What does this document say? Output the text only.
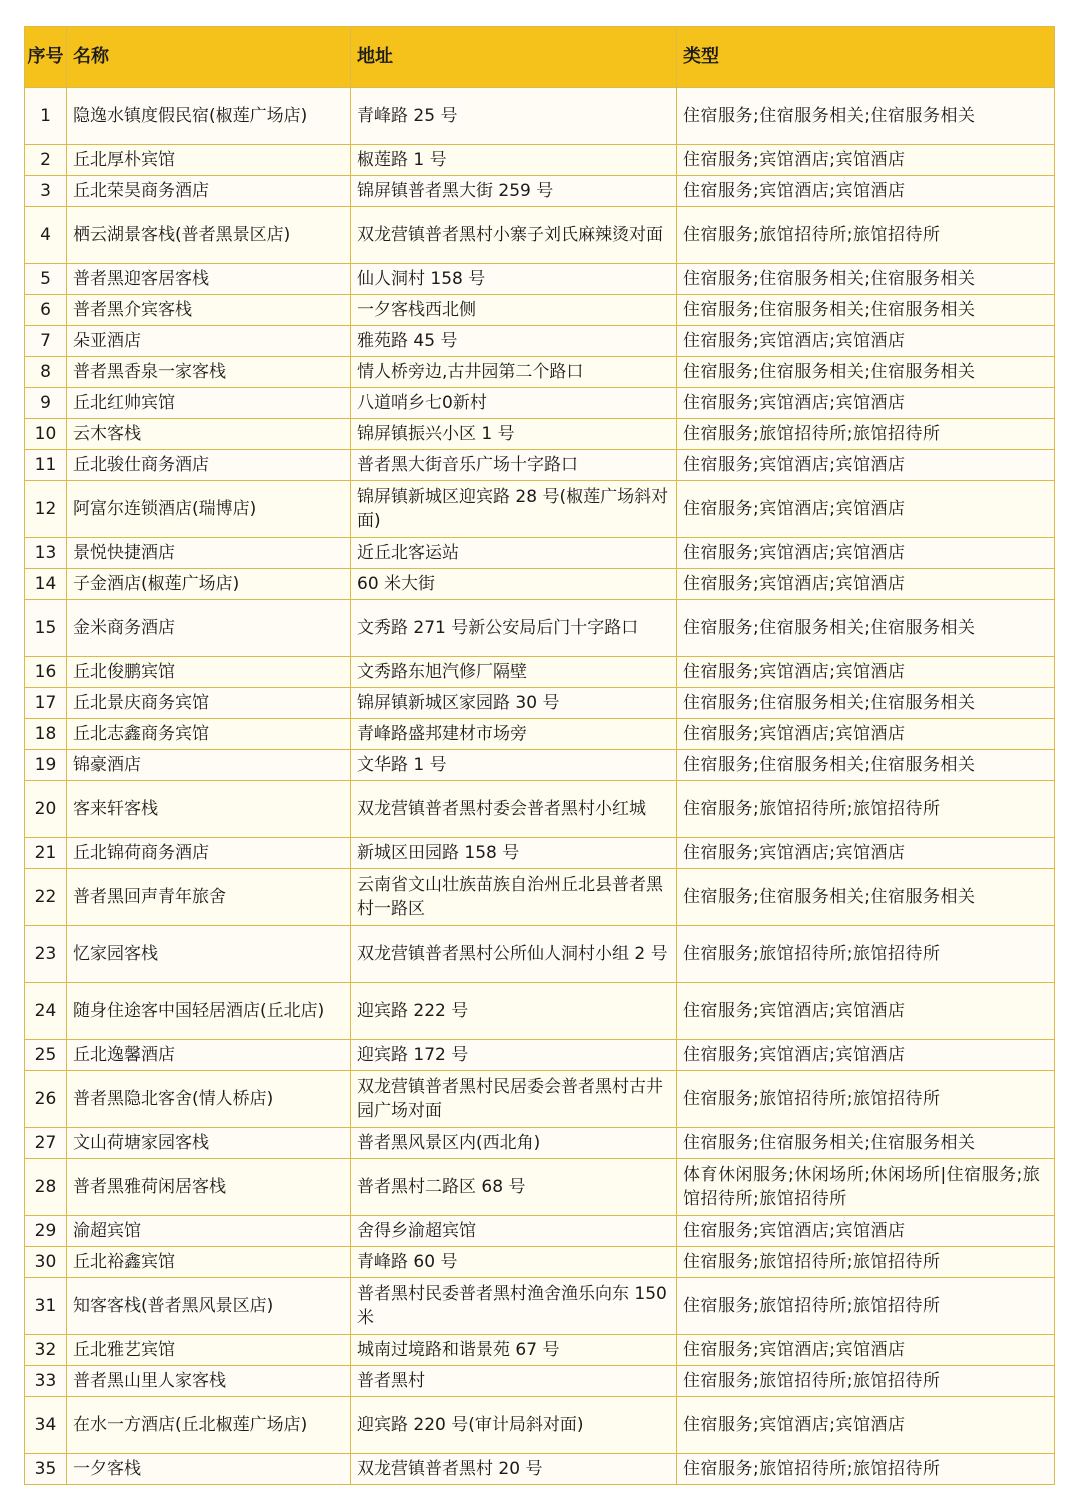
序号	名称	地址	类型
1	隐逸水镇度假民宿(椒莲广场店)	青峰路 25 号	住宿服务;住宿服务相关;住宿服务相关
2	丘北厚朴宾馆	椒莲路 1 号	住宿服务;宾馆酒店;宾馆酒店
3	丘北荣昊商务酒店	锦屏镇普者黑大街 259 号	住宿服务;宾馆酒店;宾馆酒店
4	栖云湖景客栈(普者黑景区店)	双龙营镇普者黑村小寨子刘氏麻辣烫对面	住宿服务;旅馆招待所;旅馆招待所
5	普者黑迎客居客栈	仙人洞村 158 号	住宿服务;住宿服务相关;住宿服务相关
6	普者黑介宾客栈	一夕客栈西北侧	住宿服务;住宿服务相关;住宿服务相关
7	朵亚酒店	雅苑路 45 号	住宿服务;宾馆酒店;宾馆酒店
8	普者黑香泉一家客栈	情人桥旁边,古井园第二个路口	住宿服务;住宿服务相关;住宿服务相关
9	丘北红帅宾馆	八道哨乡七0新村	住宿服务;宾馆酒店;宾馆酒店
10	云木客栈	锦屏镇振兴小区 1 号	住宿服务;旅馆招待所;旅馆招待所
11	丘北骏仕商务酒店	普者黑大街音乐广场十字路口	住宿服务;宾馆酒店;宾馆酒店
12	阿富尔连锁酒店(瑞博店)	锦屏镇新城区迎宾路 28 号(椒莲广场斜对面)	住宿服务;宾馆酒店;宾馆酒店
13	景悦快捷酒店	近丘北客运站	住宿服务;宾馆酒店;宾馆酒店
14	子金酒店(椒莲广场店)	60 米大街	住宿服务;宾馆酒店;宾馆酒店
15	金米商务酒店	文秀路 271 号新公安局后门十字路口	住宿服务;住宿服务相关;住宿服务相关
16	丘北俊鹏宾馆	文秀路东旭汽修厂隔壁	住宿服务;宾馆酒店;宾馆酒店
17	丘北景庆商务宾馆	锦屏镇新城区家园路 30 号	住宿服务;住宿服务相关;住宿服务相关
18	丘北志鑫商务宾馆	青峰路盛邦建材市场旁	住宿服务;宾馆酒店;宾馆酒店
19	锦豪酒店	文华路 1 号	住宿服务;住宿服务相关;住宿服务相关
20	客来轩客栈	双龙营镇普者黑村委会普者黑村小红城	住宿服务;旅馆招待所;旅馆招待所
21	丘北锦荷商务酒店	新城区田园路 158 号	住宿服务;宾馆酒店;宾馆酒店
22	普者黑回声青年旅舍	云南省文山壮族苗族自治州丘北县普者黑村一路区	住宿服务;住宿服务相关;住宿服务相关
23	忆家园客栈	双龙营镇普者黑村公所仙人洞村小组 2 号	住宿服务;旅馆招待所;旅馆招待所
24	随身住途客中国轻居酒店(丘北店)	迎宾路 222 号	住宿服务;宾馆酒店;宾馆酒店
25	丘北逸馨酒店	迎宾路 172 号	住宿服务;宾馆酒店;宾馆酒店
26	普者黑隐北客舍(情人桥店)	双龙营镇普者黑村民居委会普者黑村古井园广场对面	住宿服务;旅馆招待所;旅馆招待所
27	文山荷塘家园客栈	普者黑风景区内(西北角)	住宿服务;住宿服务相关;住宿服务相关
28	普者黑雅荷闲居客栈	普者黑村二路区 68 号	体育休闲服务;休闲场所;休闲场所|住宿服务;旅馆招待所;旅馆招待所
29	渝超宾馆	舍得乡渝超宾馆	住宿服务;宾馆酒店;宾馆酒店
30	丘北裕鑫宾馆	青峰路 60 号	住宿服务;旅馆招待所;旅馆招待所
31	知客客栈(普者黑风景区店)	普者黑村民委普者黑村渔舍渔乐向东 150 米	住宿服务;旅馆招待所;旅馆招待所
32	丘北雅艺宾馆	城南过境路和谐景苑 67 号	住宿服务;宾馆酒店;宾馆酒店
33	普者黑山里人家客栈	普者黑村	住宿服务;旅馆招待所;旅馆招待所
34	在水一方酒店(丘北椒莲广场店)	迎宾路 220 号(审计局斜对面)	住宿服务;宾馆酒店;宾馆酒店
35	一夕客栈	双龙营镇普者黑村 20 号	住宿服务;旅馆招待所;旅馆招待所
